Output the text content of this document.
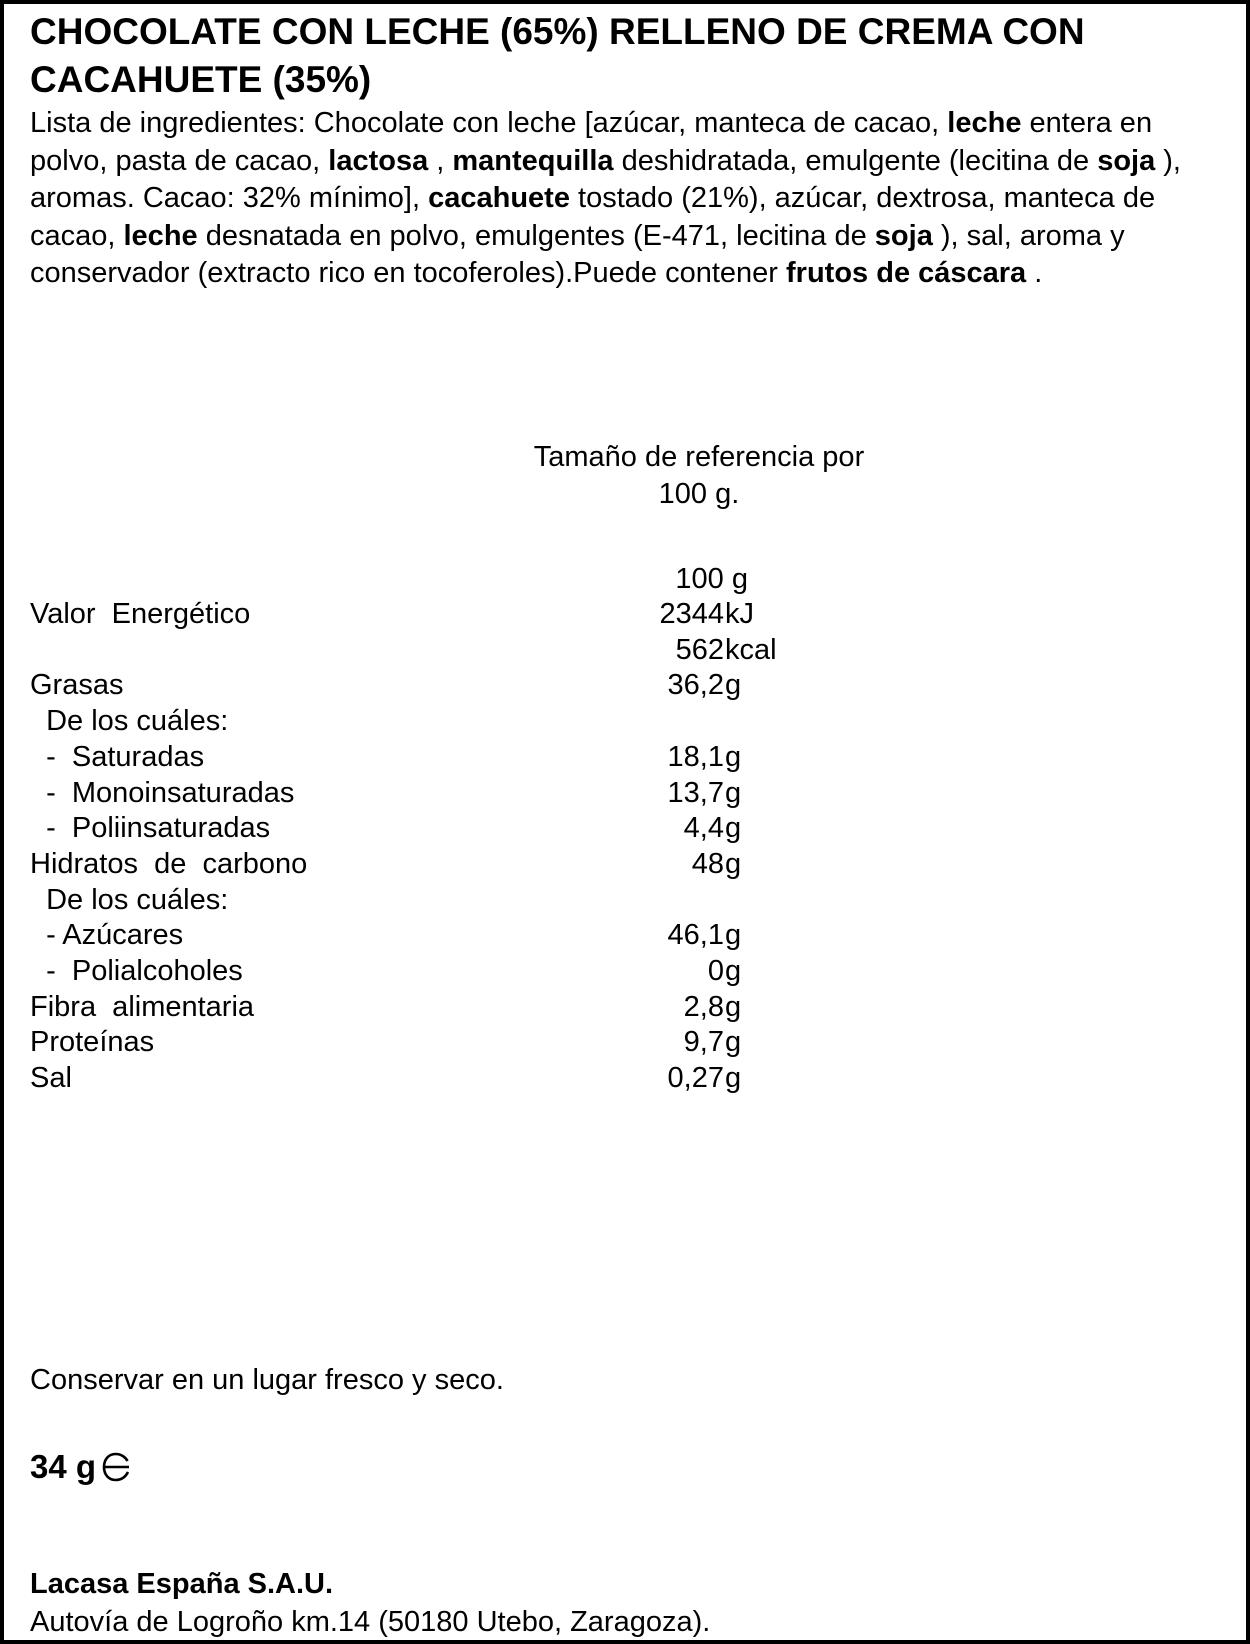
CHOCOLATE CON LECHE (65%) RELLENO DE CREMA CON CACAHUETE (35%)

Lista de ingredientes: Chocolate con leche [azúcar, manteca de cacao, leche entera en polvo, pasta de cacao, lactosa , mantequilla deshidratada, emulgente (lecitina de soja ), aromas. Cacao: 32% mínimo], cacahuete tostado (21%), azúcar, dextrosa, manteca de cacao, leche desnatada en polvo, emulgentes (E-471, lecitina de soja ), sal, aroma y conservador (extracto rico en tocoferoles).Puede contener frutos de cáscara .

Tamaño de referencia por
100 g.
100 g
Valor  Energético	2344 kJ
562 kcal
Grasas	36,2 g
De los cuáles:
-  Saturadas	18,1 g
-  Monoinsaturadas	13,7 g
-  Poliinsaturadas	4,4 g
Hidratos  de  carbono	48 g
De los cuáles:
- Azúcares	46,1 g
-  Polialcoholes	0 g
Fibra  alimentaria	2,8 g
Proteínas	9,7 g
Sal	0,27 g
Conservar en un lugar fresco y seco.
34 g
Lacasa España S.A.U.
Autovía de Logroño km.14 (50180 Utebo, Zaragoza).
